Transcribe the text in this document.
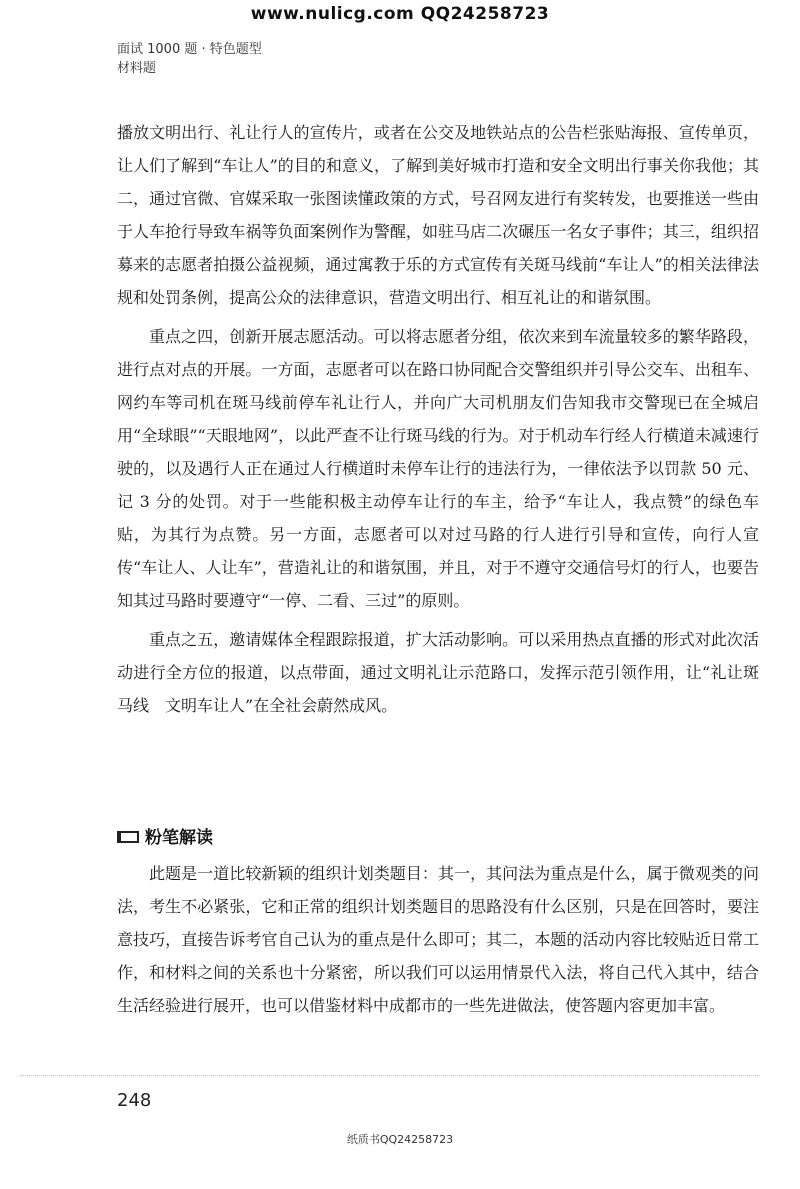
www.nulicg.com QQ24258723
面试 1000 题 · 特色题型
材料题

播放文明出行、礼让行人的宣传片，或者在公交及地铁站点的公告栏张贴海报、宣传单页，让人们了解到“车让人”的目的和意义，了解到美好城市打造和安全文明出行事关你我他；其二，通过官微、官媒采取一张图读懂政策的方式，号召网友进行有奖转发，也要推送一些由于人车抢行导致车祸等负面案例作为警醒，如驻马店二次碾压一名女子事件；其三，组织招募来的志愿者拍摄公益视频，通过寓教于乐的方式宣传有关斑马线前“车让人”的相关法律法规和处罚条例，提高公众的法律意识，营造文明出行、相互礼让的和谐氛围。

重点之四，创新开展志愿活动。可以将志愿者分组，依次来到车流量较多的繁华路段，进行点对点的开展。一方面，志愿者可以在路口协同配合交警组织并引导公交车、出租车、网约车等司机在斑马线前停车礼让行人，并向广大司机朋友们告知我市交警现已在全城启用“全球眼”“天眼地网”，以此严查不让行斑马线的行为。对于机动车行经人行横道未减速行驶的，以及遇行人正在通过人行横道时未停车让行的违法行为，一律依法予以罚款 50 元、记 3 分的处罚。对于一些能积极主动停车让行的车主，给予“车让人，我点赞”的绿色车贴，为其行为点赞。另一方面，志愿者可以对过马路的行人进行引导和宣传，向行人宣传“车让人、人让车”，营造礼让的和谐氛围，并且，对于不遵守交通信号灯的行人，也要告知其过马路时要遵守“一停、二看、三过”的原则。

重点之五，邀请媒体全程跟踪报道，扩大活动影响。可以采用热点直播的形式对此次活动进行全方位的报道，以点带面，通过文明礼让示范路口，发挥示范引领作用，让“礼让斑马线　文明车让人”在全社会蔚然成风。

粉笔解读

此题是一道比较新颖的组织计划类题目：其一，其问法为重点是什么，属于微观类的问法，考生不必紧张，它和正常的组织计划类题目的思路没有什么区别，只是在回答时，要注意技巧，直接告诉考官自己认为的重点是什么即可；其二，本题的活动内容比较贴近日常工作，和材料之间的关系也十分紧密，所以我们可以运用情景代入法，将自己代入其中，结合生活经验进行展开，也可以借鉴材料中成都市的一些先进做法，使答题内容更加丰富。

248
纸质书QQ24258723
